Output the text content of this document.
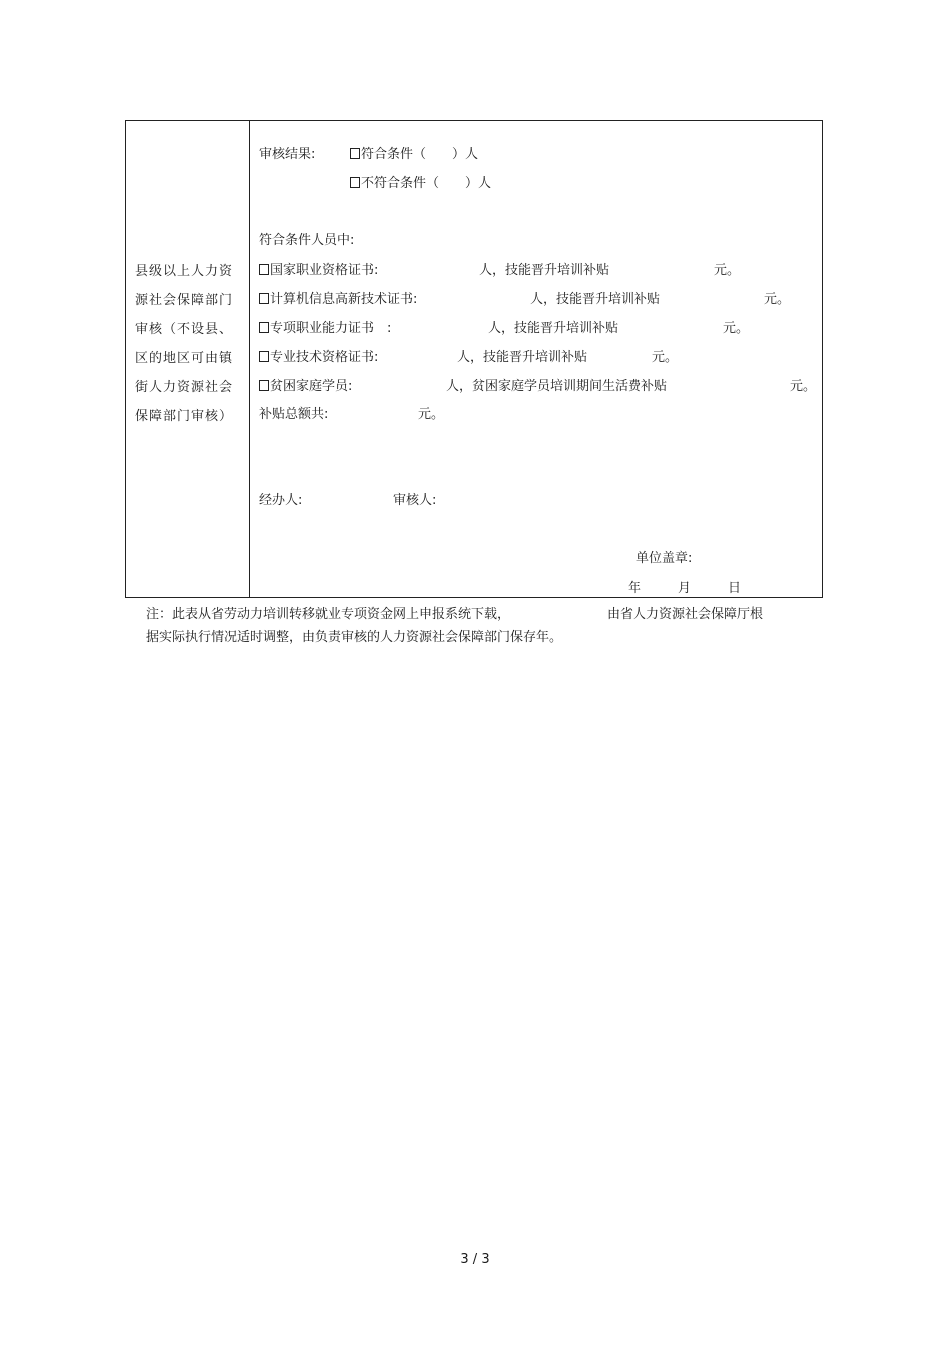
县级以上人力资源社会保障部门审核（不设县、区的地区可由镇街人力资源社会保障部门审核）
审核结果:	符合条件（　　）人
不符合条件（　　）人
符合条件人员中:
国家职业资格证书:	人，技能晋升培训补贴	元。
计算机信息高新技术证书:	人，技能晋升培训补贴	元。
专项职业能力证书　:	人，技能晋升培训补贴	元。
专业技术资格证书:	人，技能晋升培训补贴	元。
贫困家庭学员:	人，贫困家庭学员培训期间生活费补贴	元。
补贴总额共:	元。
经办人:	审核人:
单位盖章:
年	月	日
注：此表从省劳动力培训转移就业专项资金网上申报系统下载，	由省人力资源社会保障厅根
据实际执行情况适时调整，由负责审核的人力资源社会保障部门保存年。
3 / 3
